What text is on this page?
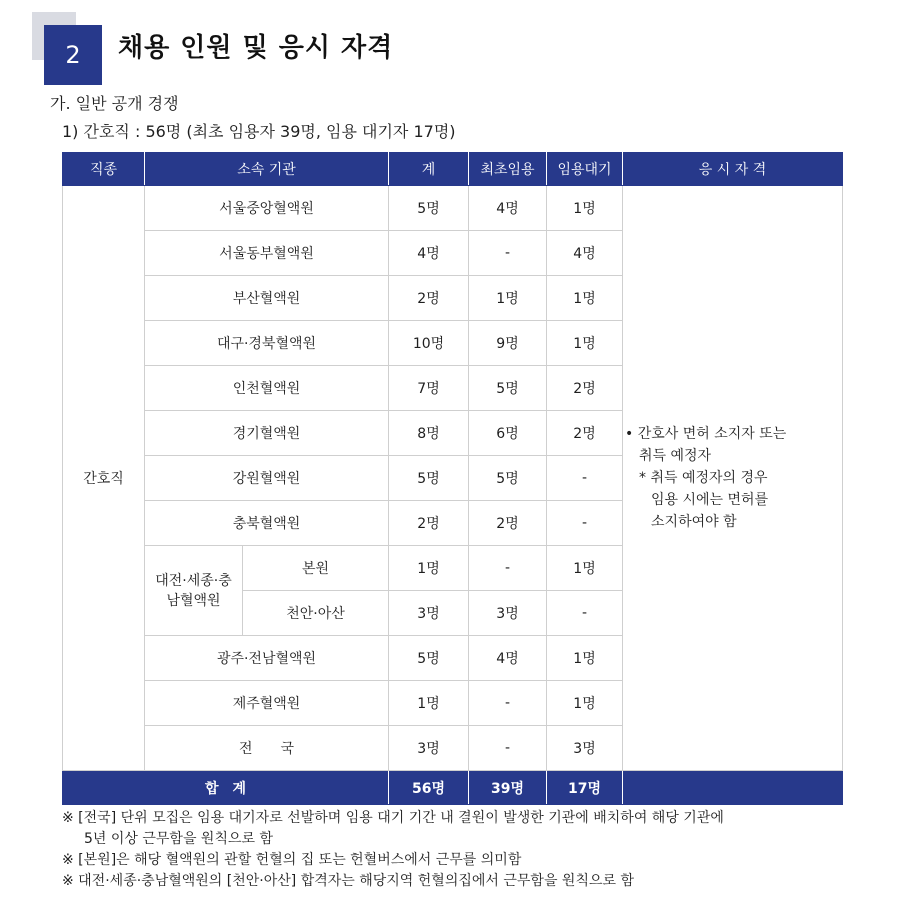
2	채용 인원 및 응시 자격
가. 일반 공개 경쟁
1) 간호직 : 56명 (최초 임용자 39명, 임용 대기자 17명)
직종	소속 기관		계	최초임용	임용대기	응 시 자 격
간호직	서울중앙혈액원		5명	4명	1명	• 간호사 면허 소지자 또는
취득 예정자
* 취득 예정자의 경우
임용 시에는 면허를
소지하여야 함

	서울동부혈액원		4명	-	4명	
	부산혈액원		2명	1명	1명	
	대구·경북혈액원		10명	9명	1명	
	인천혈액원		7명	5명	2명	
	경기혈액원		8명	6명	2명	
	강원혈액원		5명	5명	-	
	충북혈액원		2명	2명	-	
	대전·세종·충남혈액원	본원	1명	-	1명	
		천안·아산	3명	3명	-	
	광주·전남혈액원		5명	4명	1명	
	제주혈액원		1명	-	1명	
	전　　국		3명	-	3명	
합　계			56명	39명	17명	
※ [전국] 단위 모집은 임용 대기자로 선발하며 임용 대기 기간 내 결원이 발생한 기관에 배치하여 해당 기관에
5년 이상 근무함을 원칙으로 함
※ [본원]은 해당 혈액원의 관할 헌혈의 집 또는 헌혈버스에서 근무를 의미함
※ 대전·세종·충남혈액원의 [천안·아산] 합격자는 해당지역 헌혈의집에서 근무함을 원칙으로 함
